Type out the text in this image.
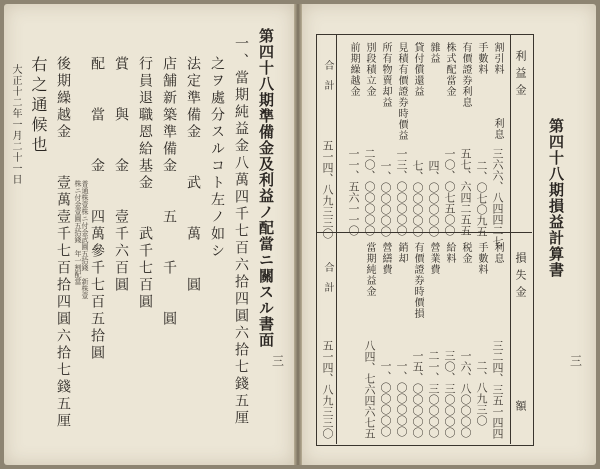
第四十八期準備金及利益ノ配當ニ關スル書面
一、當期純益金八萬四千七百六拾四圓六拾七錢五厘
之ヲ處分スルコト左ノ如シ
法定準備金　　武　　萬　　圓
店舗新築準備金　　五　　千　　圓
行員退職恩給基金　　武千七百圓
賞　　與　　金　　壹千六百圓
配　　當　　金　　四萬參千七百五拾圓
普通株壹株ニ付金武圓五拾錢　新株壹株ニ付金壹圓五拾錢　年一割配當
後期繰越金　　壹萬壹千七百拾四圓六拾七錢五厘
右之通候也
大正十二年一月二十一日
三
第四十八期損益計算書
三
利益金
損失金
額
割引料
利息
手數料
有價證券利息
株式配當金
雜益
貸付償還益
見積有價證券時價益
所有物賣却益
別段積立金
前期繰越金
合計
三六六、八四四二七
二、〇七〇九五
五七、六四二五五
一〇、〇七五〇〇
四、〇〇〇〇〇
七、〇〇〇〇〇
一三、〇〇〇〇〇
一、〇〇〇〇〇
二〇、〇〇〇〇〇
一一、五六一一〇
五一四、八九三三〇
利息
手數料
税金
給料
營業費
有價證券時價損
銷却
營繕費
當期純益金
合計
三二四、三五一四四
二、八九三〇
一六、八〇〇〇〇
三〇、三〇〇〇〇
二一、三〇〇〇〇
一五、〇〇〇〇〇
一、〇〇〇〇〇
一、〇〇〇〇〇
八四、七六四六七五
五一四、八九三三〇
